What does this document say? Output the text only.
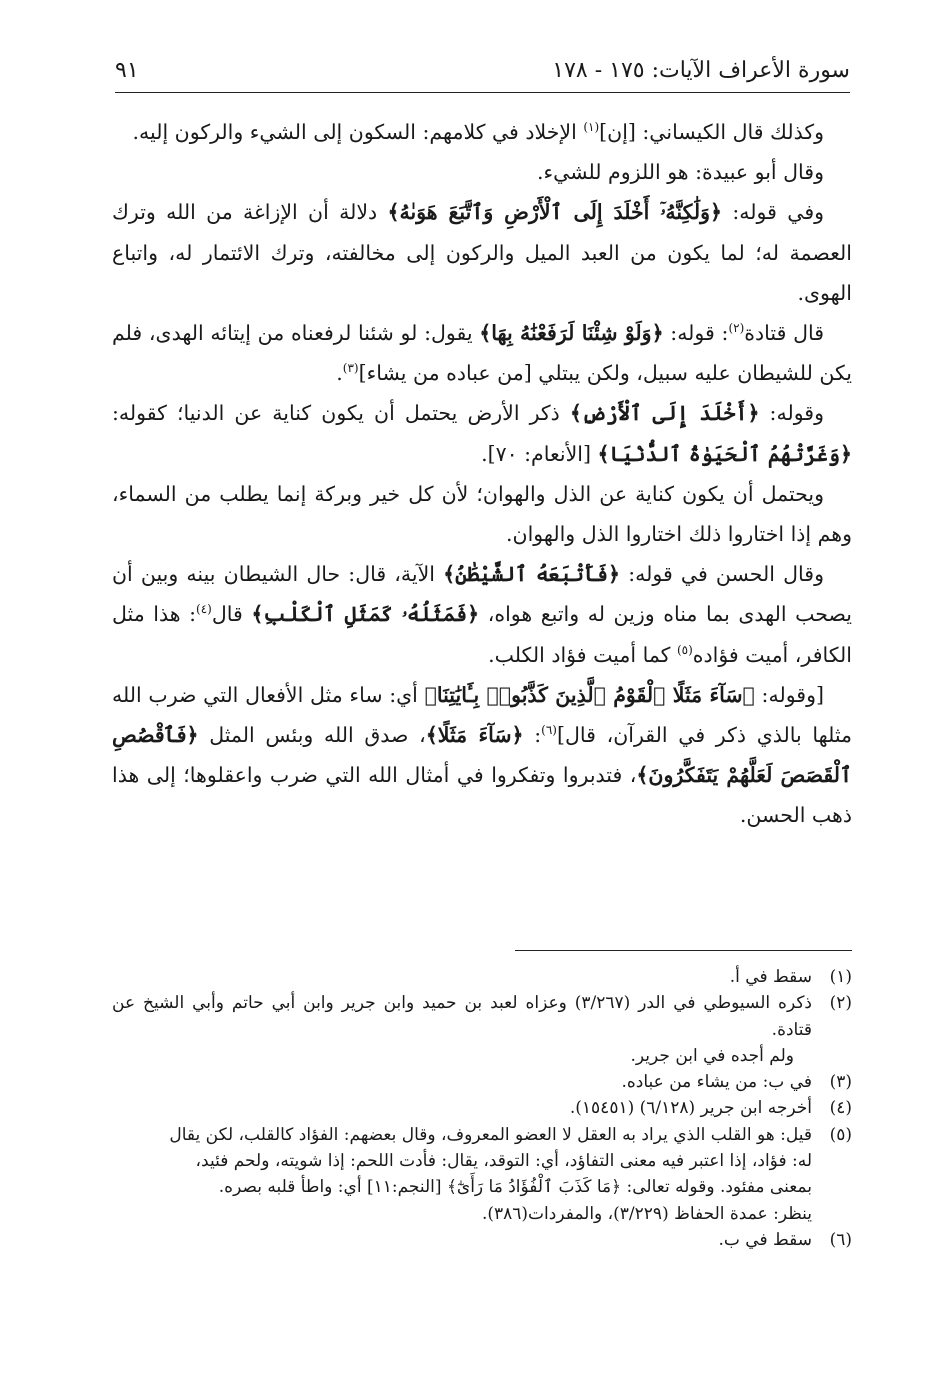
سورة الأعراف الآيات: ١٧٥ - ١٧٨
٩١

وكذلك قال الكيساني: [إن]$^{(١)}$ الإخلاد في كلامهم: السكون إلى الشيء والركون إليه.

وقال أبو عبيدة: هو اللزوم للشيء.

وفي قوله: ﴿وَلَٰكِنَّهُۥٓ أَخْلَدَ إِلَى ٱلْأَرْضِ وَٱتَّبَعَ هَوَىٰهُ﴾ دلالة أن الإزاغة من الله وترك العصمة له؛ لما يكون من العبد الميل والركون إلى مخالفته، وترك الائتمار له، واتباع الهوى.

قال قتادة$^{(٢)}$: قوله: ﴿وَلَوْ شِئْنَا لَرَفَعْنَٰهُ بِهَا﴾ يقول: لو شئنا لرفعناه من إيتائه الهدى، فلم يكن للشيطان عليه سبيل، ولكن يبتلي [من عباده من يشاء]$^{(٣)}$.

وقوله: ﴿أَخْلَدَ إِلَى ٱلْأَرْضِ﴾ ذكر الأرض يحتمل أن يكون كناية عن الدنيا؛ كقوله: ﴿وَغَرَّتْهُمُ ٱلْحَيَوٰةُ ٱلدُّنْيَا﴾ [الأنعام: ٧٠].

ويحتمل أن يكون كناية عن الذل والهوان؛ لأن كل خير وبركة إنما يطلب من السماء، وهم إذا اختاروا ذلك اختاروا الذل والهوان.

وقال الحسن في قوله: ﴿فَأَتْبَعَهُ ٱلشَّيْطَٰنُ﴾ الآية، قال: حال الشيطان بينه وبين أن يصحب الهدى بما مناه وزين له واتبع هواه، ﴿فَمَثَلُهُۥ كَمَثَلِ ٱلْكَلْبِ﴾ قال$^{(٤)}$: هذا مثل الكافر، أميت فؤاده$^{(٥)}$ كما أميت فؤاد الكلب.

[وقوله: ﴿سَآءَ مَثَلًا ٱلْقَوْمُ ٱلَّذِينَ كَذَّبُوا۟ بِـَٔايَٰتِنَا﴾ أي: ساء مثل الأفعال التي ضرب الله مثلها بالذي ذكر في القرآن، قال]$^{(٦)}$: ﴿سَآءَ مَثَلًا﴾، صدق الله وبئس المثل ﴿فَٱقْصُصِ ٱلْقَصَصَ لَعَلَّهُمْ يَتَفَكَّرُونَ﴾، فتدبروا وتفكروا في أمثال الله التي ضرب واعقلوها؛ إلى هذا ذهب الحسن.

(١)
سقط في أ.
(٢)
ذكره السيوطي في الدر (٣/٢٦٧) وعزاه لعبد بن حميد وابن جرير وابن أبي حاتم وأبي الشيخ عن قتادة.
ولم أجده في ابن جرير.
(٣)
في ب: من يشاء من عباده.
(٤)
أخرجه ابن جرير (٦/١٢٨) (١٥٤٥١).
(٥)
قيل: هو القلب الذي يراد به العقل لا العضو المعروف، وقال بعضهم: الفؤاد كالقلب، لكن يقال
له: فؤاد، إذا اعتبر فيه معنى التفاؤد، أي: التوقد، يقال: فأدت اللحم: إذا شويته، ولحم فئيد،
بمعنى مفئود. وقوله تعالى: ﴿مَا كَذَبَ ٱلْفُؤَادُ مَا رَأَىٰٓ﴾ [النجم:١١] أي: واطأ قلبه بصره.
ينظر: عمدة الحفاظ (٣/٢٢٩)، والمفردات(٣٨٦).
(٦)
سقط في ب.
